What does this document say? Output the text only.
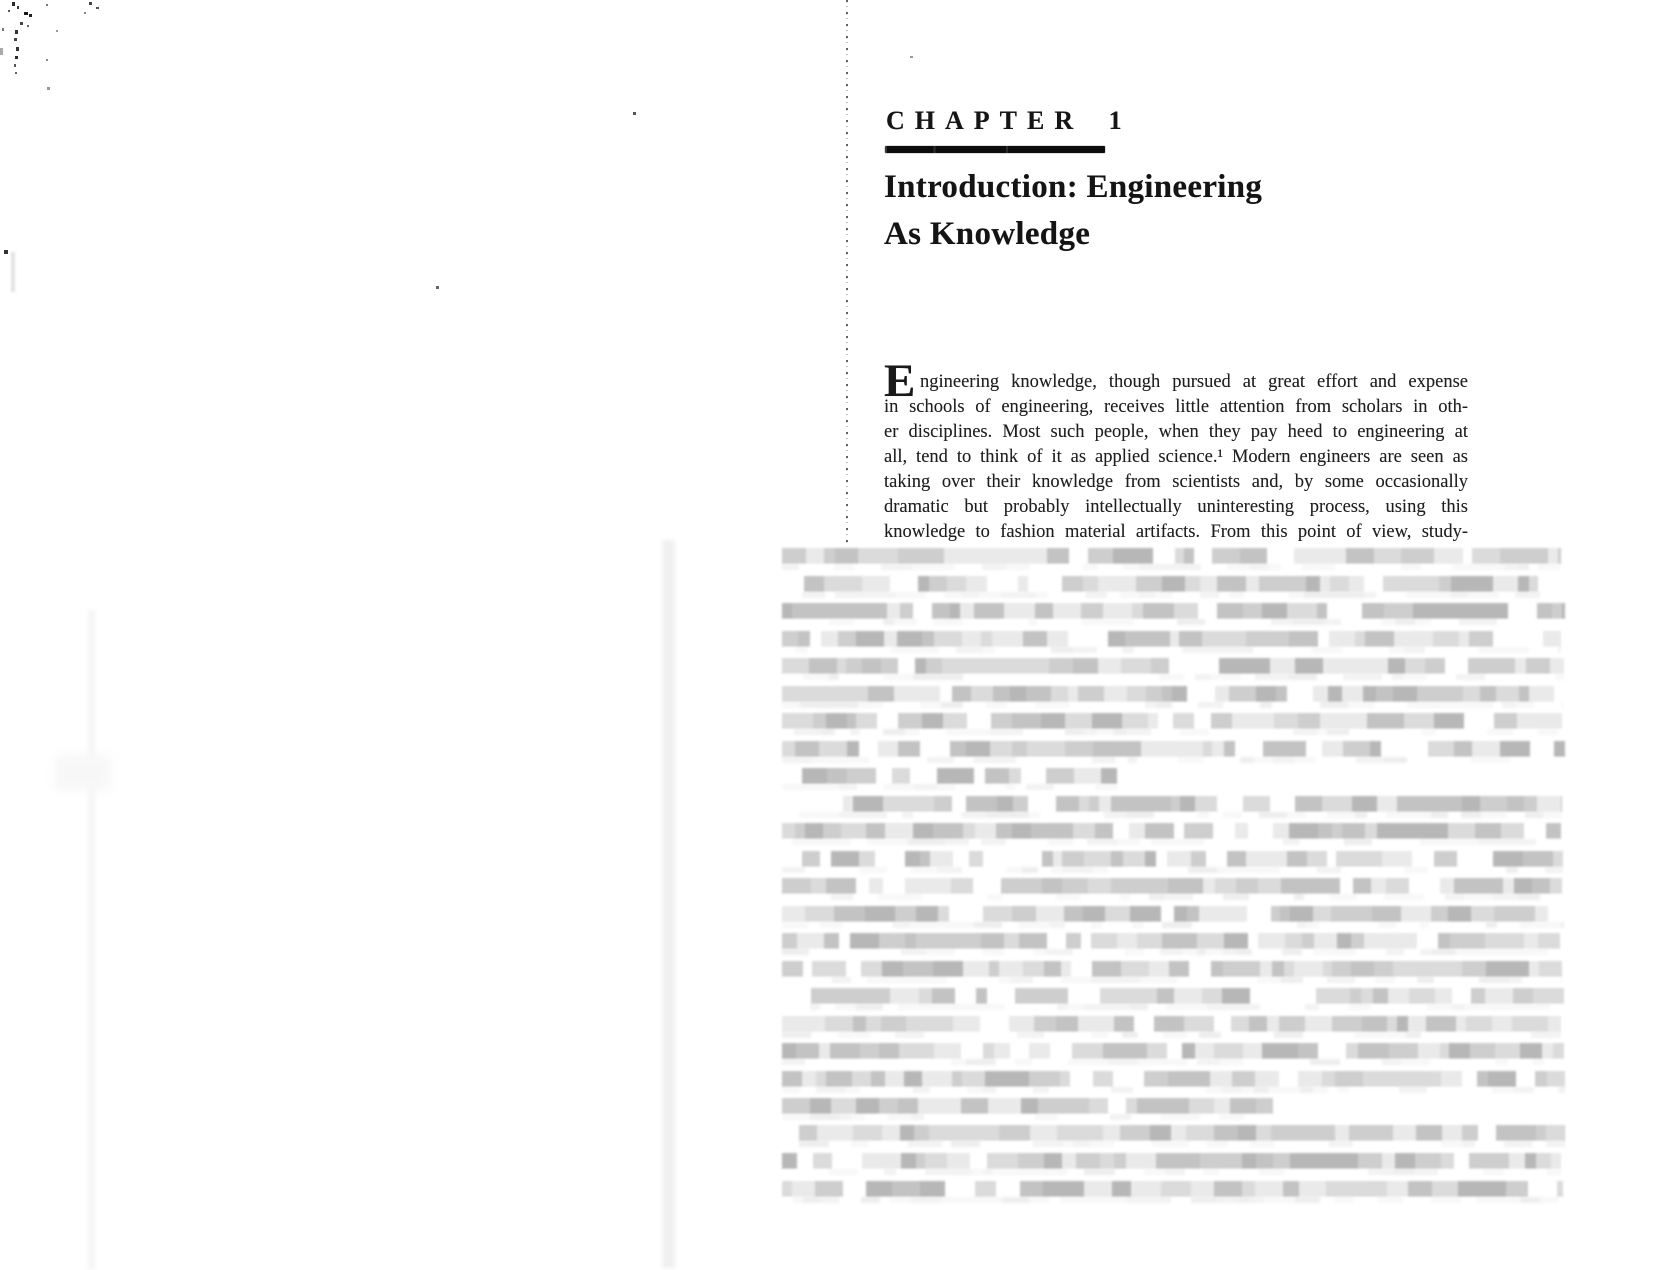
CHAPTER 1
Introduction: Engineering
As Knowledge
E ngineering knowledge, though pursued at great effort and expense
in schools of engineering, receives little attention from scholars in oth-
er disciplines. Most such people, when they pay heed to engineering at
all, tend to think of it as applied science.¹ Modern engineers are seen as
taking over their knowledge from scientists and, by some occasionally
dramatic but probably intellectually uninteresting process, using this
knowledge to fashion material artifacts. From this point of view, study-
